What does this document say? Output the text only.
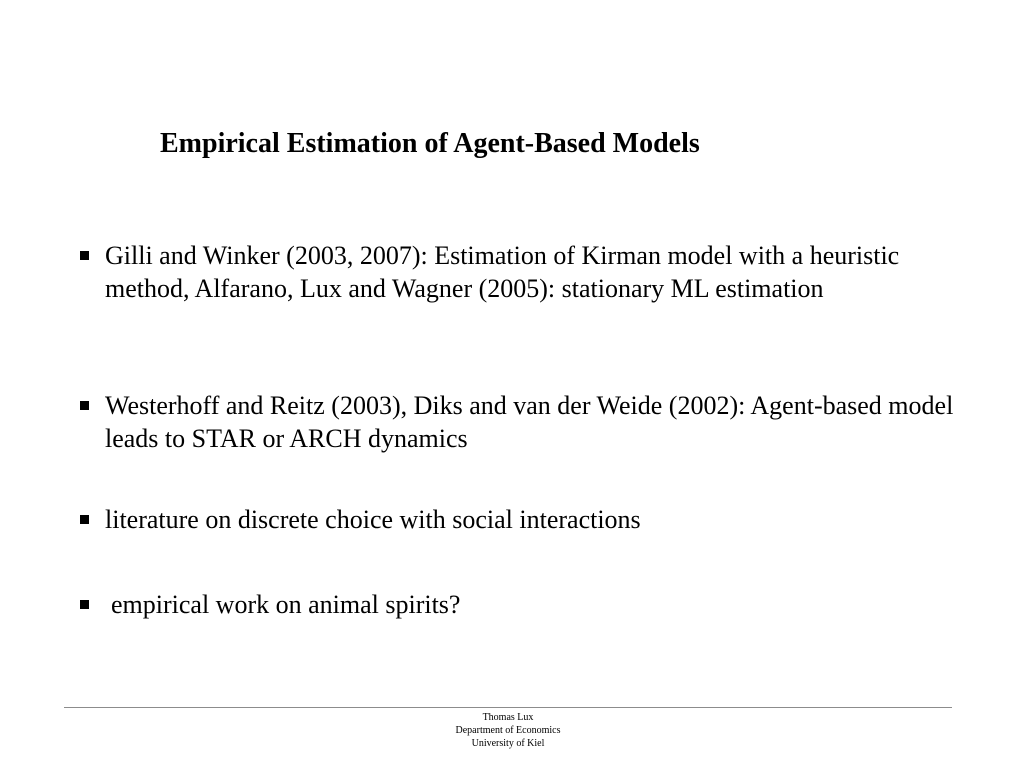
Empirical Estimation of Agent-Based Models
Gilli and Winker (2003, 2007): Estimation of Kirman model with a heuristic method, Alfarano, Lux and Wagner (2005): stationary ML estimation
Westerhoff and Reitz (2003), Diks and van der Weide (2002): Agent-based model leads to STAR or ARCH dynamics
literature on discrete choice with social interactions
empirical work on animal spirits?
Thomas Lux
Department of Economics
University of Kiel
